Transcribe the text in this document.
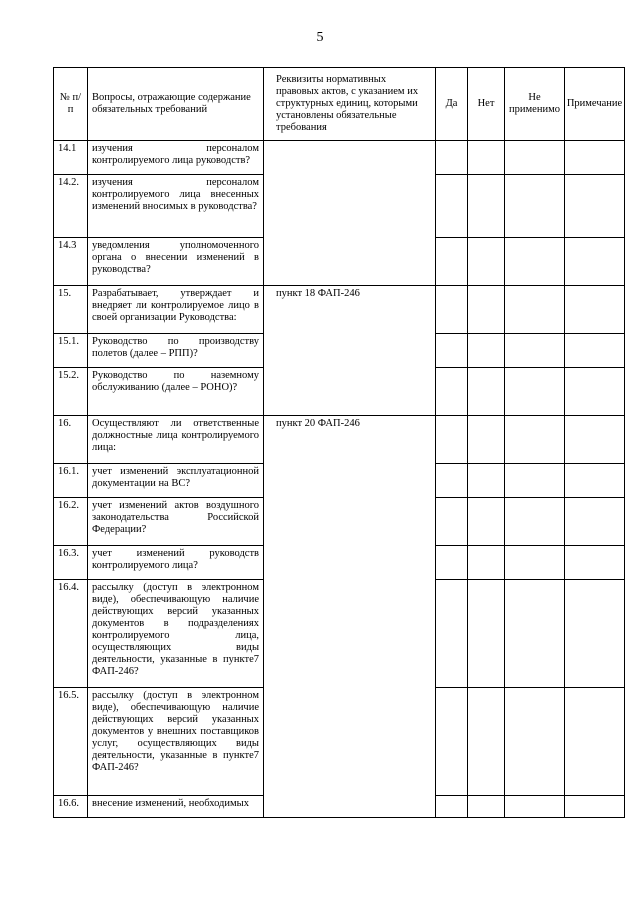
5
№ п/п	Вопросы, отражающие содержание обязательных требований	Реквизиты нормативных правовых актов, с указанием их структурных единиц, которыми установлены обязательные требования	Да	Нет	Не применимо	Примечание
14.1	изучения персоналом контролируемого лица руководств?					
14.2.	изучения персоналом контролируемого лица внесенных изменений вносимых в руководства?					
14.3	уведомления уполномоченного органа о внесении изменений в руководства?					
15.	Разрабатывает, утверждает и внедряет ли контролируемое лицо в своей организации Руководства:	пункт 18 ФАП-246				
15.1.	Руководство по производству полетов (далее – РПП)?					
15.2.	Руководство по наземному обслуживанию (далее – РОНО)?					
16.	Осуществляют ли ответственные должностные лица контролируемого лица:	пункт 20 ФАП-246				
16.1.	учет изменений эксплуатационной документации на ВС?					
16.2.	учет изменений актов воздушного законодательства Российской Федерации?					
16.3.	учет изменений руководств контролируемого лица?					
16.4.	рассылку (доступ в электронном виде), обеспечивающую наличие действующих версий указанных документов в подразделениях контролируемого лица, осуществляющих виды деятельности, указанные в пункте7 ФАП-246?					
16.5.	рассылку (доступ в электронном виде), обеспечивающую наличие действующих версий указанных документов у внешних поставщиков услуг, осуществляющих виды деятельности, указанные в пункте7 ФАП-246?					
16.6.	внесение изменений, необходимых					
